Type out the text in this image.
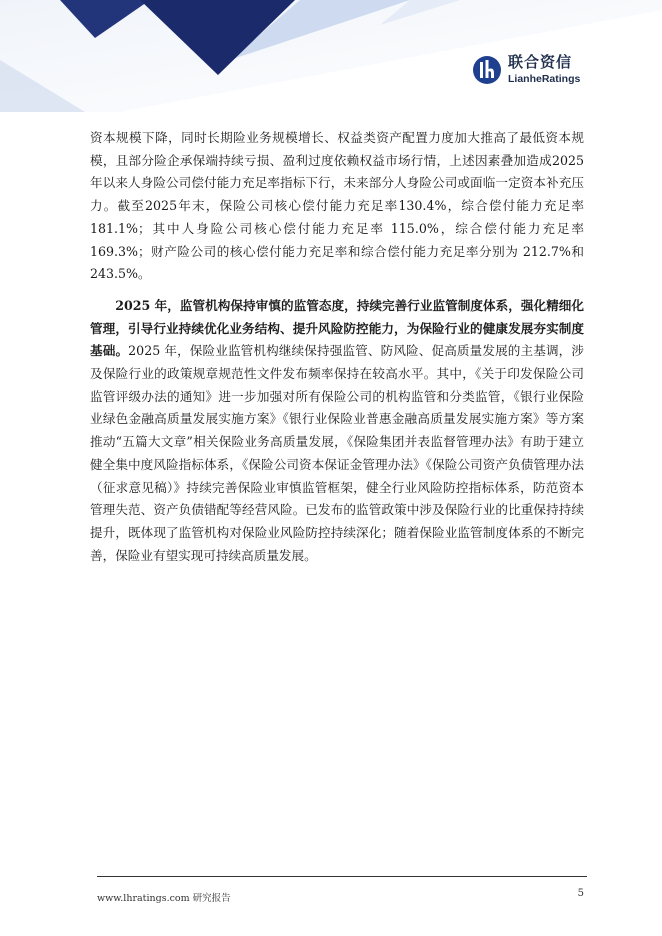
联合资信
LianheRatings

资本规模下降，同时长期险业务规模增长、权益类资产配置力度加大推高了最低资本规模，且部分险企承保端持续亏损、盈利过度依赖权益市场行情，上述因素叠加造成2025年以来人身险公司偿付能力充足率指标下行，未来部分人身险公司或面临一定资本补充压力。截至2025年末，保险公司核心偿付能力充足率130.4%，综合偿付能力充足率 181.1%；其中人身险公司核心偿付能力充足率 115.0%，综合偿付能力充足率 169.3%；财产险公司的核心偿付能力充足率和综合偿付能力充足率分别为 212.7%和 243.5%。

2025 年，监管机构保持审慎的监管态度，持续完善行业监管制度体系，强化精细化管理，引导行业持续优化业务结构、提升风险防控能力，为保险行业的健康发展夯实制度基础。2025 年，保险业监管机构继续保持强监管、防风险、促高质量发展的主基调，涉及保险行业的政策规章规范性文件发布频率保持在较高水平。其中，《关于印发保险公司监管评级办法的通知》进一步加强对所有保险公司的机构监管和分类监管，《银行业保险业绿色金融高质量发展实施方案》《银行业保险业普惠金融高质量发展实施方案》等方案推动“五篇大文章”相关保险业务高质量发展，《保险集团并表监督管理办法》有助于建立健全集中度风险指标体系，《保险公司资本保证金管理办法》《保险公司资产负债管理办法（征求意见稿）》持续完善保险业审慎监管框架，健全行业风险防控指标体系，防范资本管理失范、资产负债错配等经营风险。已发布的监管政策中涉及保险行业的比重保持持续提升，既体现了监管机构对保险业风险防控持续深化；随着保险业监管制度体系的不断完善，保险业有望实现可持续高质量发展。

www.lhratings.com 研究报告	5
